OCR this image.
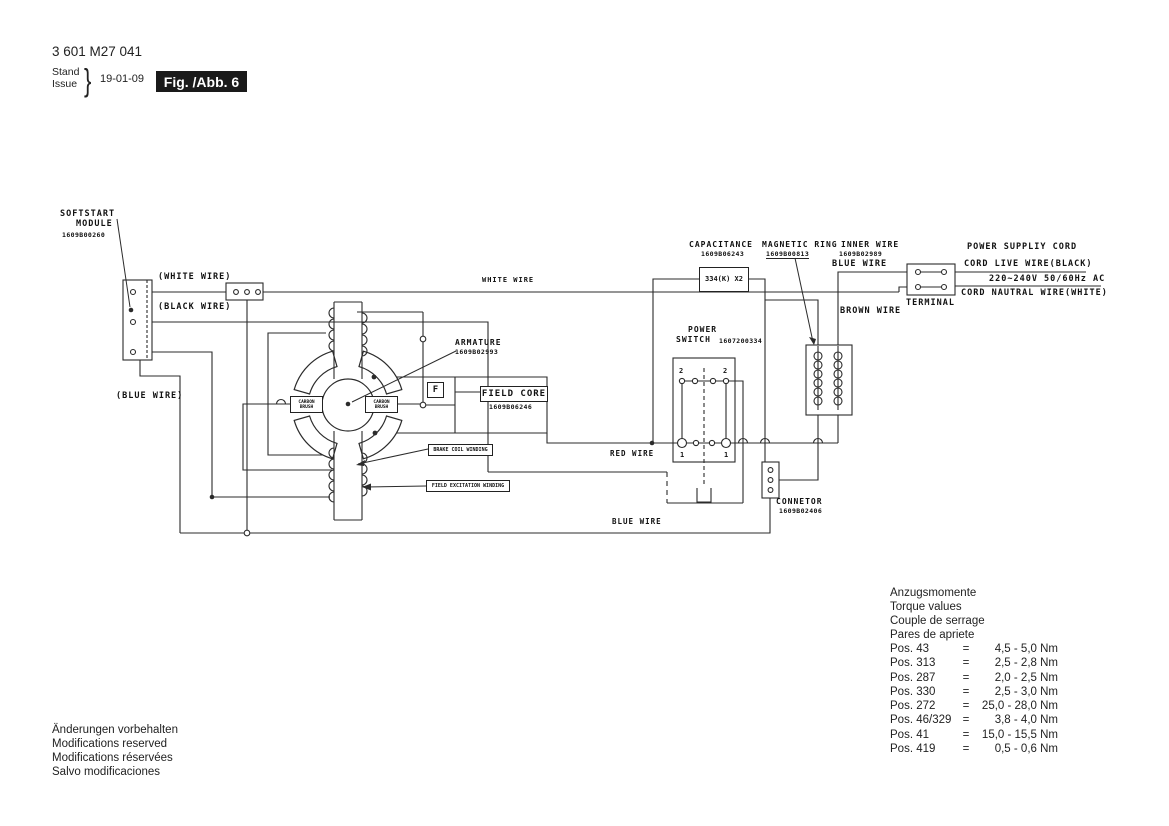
3 601 M27 041
Stand
Issue } 19-01-09	Fig. /Abb. 6
SOFTSTART
MODULE
1609B00260
(WHITE WIRE)
(BLACK WIRE)
(BLUE WIRE)
WHITE WIRE
ARMATURE
1609B02993
CARBON
BRUSH
CARBON
BRUSH
F	FIELD CORE
1609B06246
BRAKE COIL WINDING
FIELD EXCITATION WINDING
RED WIRE
BLUE WIRE
POWER
SWITCH 1607200334
2	2
1	1
CAPACITANCE
1609B06243
334(K) X2
MAGNETIC RING
1609B00813
INNER WIRE
1609B02989
BLUE WIRE
BROWN WIRE
POWER SUPPLIY CORD
CORD LIVE WIRE(BLACK)
220~240V 50/60Hz AC
CORD NAUTRAL WIRE(WHITE)
TERMINAL
CONNETOR
1609B02406
Anzugsmomente
Torque values
Couple de serrage
Pares de apriete
Pos. 43	=	4,5 - 5,0 Nm
Pos. 313	=	2,5 - 2,8 Nm
Pos. 287	=	2,0 - 2,5 Nm
Pos. 330	=	2,5 - 3,0 Nm
Pos. 272	=	25,0 - 28,0 Nm
Pos. 46/329 =	3,8 - 4,0 Nm
Pos. 41	=	15,0 - 15,5 Nm
Pos. 419	=	0,5 - 0,6 Nm
Änderungen vorbehalten
Modifications reserved
Modifications réservées
Salvo modificaciones
